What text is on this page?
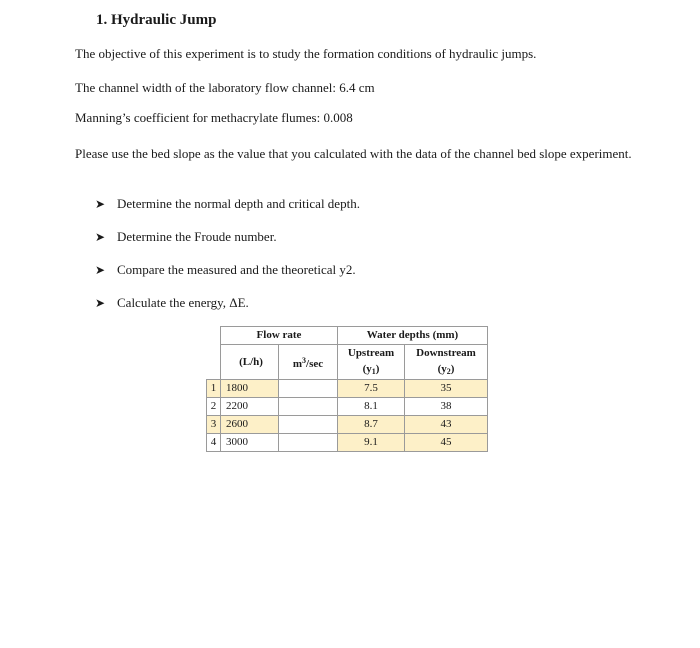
1. Hydraulic Jump
The objective of this experiment is to study the formation conditions of hydraulic jumps.
The channel width of the laboratory flow channel: 6.4 cm
Manning’s coefficient for methacrylate flumes: 0.008
Please use the bed slope as the value that you calculated with the data of the channel bed slope experiment.
➤ Determine the normal depth and critical depth.
➤ Determine the Froude number.
➤ Compare the measured and the theoretical y2.
➤ Calculate the energy, ΔE.
	Flow rate		Water depths (mm)	
	(L/h)	$m^3/\sec$	Upstream	Downstream
			$(y_1)$	$(y_2)$
1	1800		7.5	35
2	2200		8.1	38
3	2600		8.7	43
4	3000		9.1	45
